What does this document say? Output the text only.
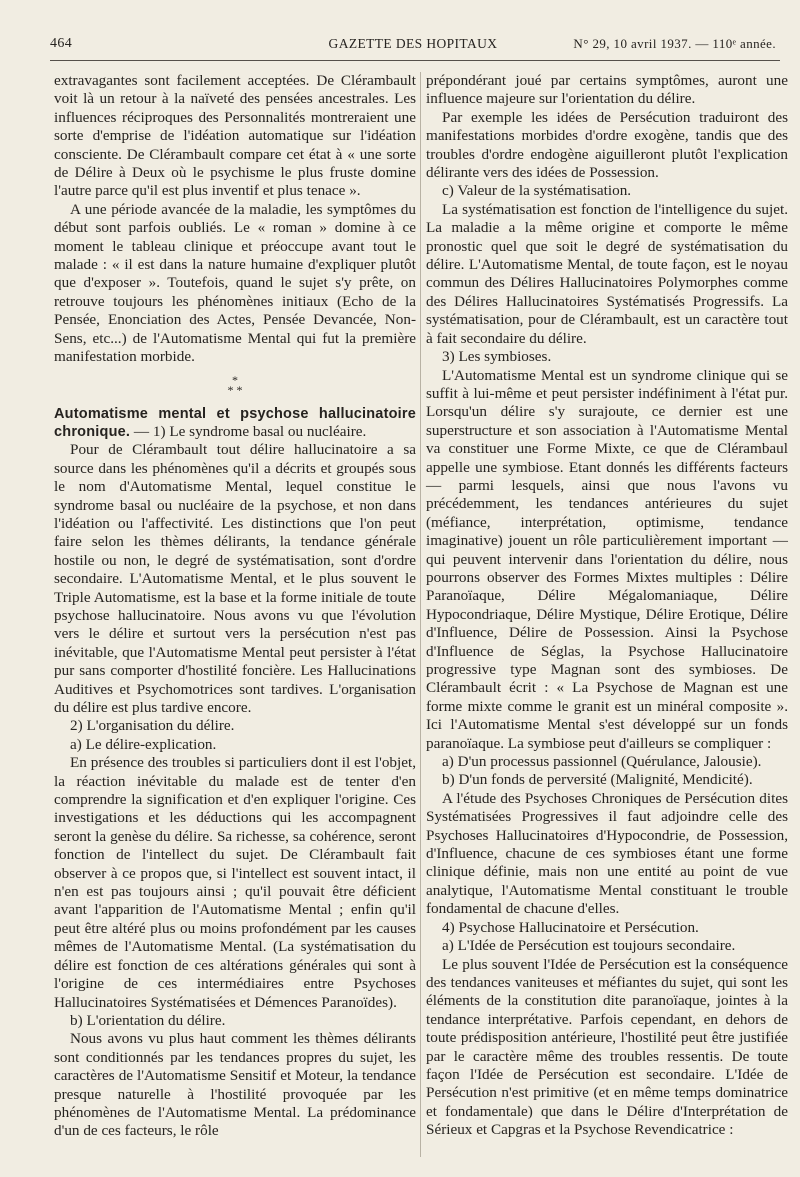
464	GAZETTE DES HOPITAUX	N° 29, 10 avril 1937. — 110ᵉ année.

extravagantes sont facilement acceptées. De Clérambault voit là un retour à la naïveté des pensées ancestrales. Les influences réciproques des Personnalités montreraient une sorte d'emprise de l'idéation automatique sur l'idéation consciente. De Clérambault compare cet état à « une sorte de Délire à Deux où le psychisme le plus fruste domine l'autre parce qu'il est plus inventif et plus tenace ».

A une période avancée de la maladie, les symptômes du début sont parfois oubliés. Le « roman » domine à ce moment le tableau clinique et préoccupe avant tout le malade : « il est dans la nature humaine d'expliquer plutôt que d'exposer ». Toutefois, quand le sujet s'y prête, on retrouve toujours les phénomènes initiaux (Echo de la Pensée, Enonciation des Actes, Pensée Devancée, Non-Sens, etc...) de l'Automatisme Mental qui fut la première manifestation morbide.

*
* *

Automatisme mental et psychose hallucinatoire chronique. — 1) Le syndrome basal ou nucléaire.

Pour de Clérambault tout délire hallucinatoire a sa source dans les phénomènes qu'il a décrits et groupés sous le nom d'Automatisme Mental, lequel constitue le syndrome basal ou nucléaire de la psychose, et non dans l'idéation ou l'affectivité. Les distinctions que l'on peut faire selon les thèmes délirants, la tendance générale hostile ou non, le degré de systématisation, sont d'ordre secondaire. L'Automatisme Mental, et le plus souvent le Triple Automatisme, est la base et la forme initiale de toute psychose hallucinatoire. Nous avons vu que l'évolution vers le délire et surtout vers la persécution n'est pas inévitable, que l'Automatisme Mental peut persister à l'état pur sans comporter d'hostilité foncière. Les Hallucinations Auditives et Psychomotrices sont tardives. L'organisation du délire est plus tardive encore.

2) L'organisation du délire.

a) Le délire-explication.

En présence des troubles si particuliers dont il est l'objet, la réaction inévitable du malade est de tenter d'en comprendre la signification et d'en expliquer l'origine. Ces investigations et les déductions qui les accompagnent seront la genèse du délire. Sa richesse, sa cohérence, seront fonction de l'intellect du sujet. De Clérambault fait observer à ce propos que, si l'intellect est souvent intact, il n'en est pas toujours ainsi ; qu'il pouvait être déficient avant l'apparition de l'Automatisme Mental ; enfin qu'il peut être altéré plus ou moins profondément par les causes mêmes de l'Automatisme Mental. (La systématisation du délire est fonction de ces altérations générales qui sont à l'origine de ces intermédiaires entre Psychoses Hallucinatoires Systématisées et Démences Paranoïdes).

b) L'orientation du délire.

Nous avons vu plus haut comment les thèmes délirants sont conditionnés par les tendances propres du sujet, les caractères de l'Automatisme Sensitif et Moteur, la tendance presque naturelle à l'hostilité provoquée par les phénomènes de l'Automatisme Mental. La prédominance d'un de ces facteurs, le rôle

prépondérant joué par certains symptômes, auront une influence majeure sur l'orientation du délire.

Par exemple les idées de Persécution traduiront des manifestations morbides d'ordre exogène, tandis que des troubles d'ordre endogène aiguilleront plutôt l'explication délirante vers des idées de Possession.

c) Valeur de la systématisation.

La systématisation est fonction de l'intelligence du sujet. La maladie a la même origine et comporte le même pronostic quel que soit le degré de systématisation du délire. L'Automatisme Mental, de toute façon, est le noyau commun des Délires Hallucinatoires Polymorphes comme des Délires Hallucinatoires Systématisés Progressifs. La systématisation, pour de Clérambault, est un caractère tout à fait secondaire du délire.

3) Les symbioses.

L'Automatisme Mental est un syndrome clinique qui se suffit à lui-même et peut persister indéfiniment à l'état pur. Lorsqu'un délire s'y surajoute, ce dernier est une superstructure et son association à l'Automatisme Mental va constituer une Forme Mixte, ce que de Clérambaul appelle une symbiose. Etant donnés les différents facteurs — parmi lesquels, ainsi que nous l'avons vu précédemment, les tendances antérieures du sujet (méfiance, interprétation, optimisme, tendance imaginative) jouent un rôle particulièrement important — qui peuvent intervenir dans l'orientation du délire, nous pourrons observer des Formes Mixtes multiples : Délire Paranoïaque, Délire Mégalomaniaque, Délire Hypocondriaque, Délire Mystique, Délire Erotique, Délire d'Influence, Délire de Possession. Ainsi la Psychose d'Influence de Séglas, la Psychose Hallucinatoire progressive type Magnan sont des symbioses. De Clérambault écrit : « La Psychose de Magnan est une forme mixte comme le granit est un minéral composite ». Ici l'Automatisme Mental s'est développé sur un fonds paranoïaque. La symbiose peut d'ailleurs se compliquer :

a) D'un processus passionnel (Quérulance, Jalousie).

b) D'un fonds de perversité (Malignité, Mendicité).

A l'étude des Psychoses Chroniques de Persécution dites Systématisées Progressives il faut adjoindre celle des Psychoses Hallucinatoires d'Hypocondrie, de Possession, d'Influence, chacune de ces symbioses étant une forme clinique définie, mais non une entité au point de vue analytique, l'Automatisme Mental constituant le trouble fondamental de chacune d'elles.

4) Psychose Hallucinatoire et Persécution.

a) L'Idée de Persécution est toujours secondaire.

Le plus souvent l'Idée de Persécution est la conséquence des tendances vaniteuses et méfiantes du sujet, qui sont les éléments de la constitution dite paranoïaque, jointes à la tendance interprétative. Parfois cependant, en dehors de toute prédisposition antérieure, l'hostilité peut être justifiée par le caractère même des troubles ressentis. De toute façon l'Idée de Persécution est secondaire. L'Idée de Persécution n'est primitive (et en même temps dominatrice et fondamentale) que dans le Délire d'Interprétation de Sérieux et Capgras et la Psychose Revendicatrice :
